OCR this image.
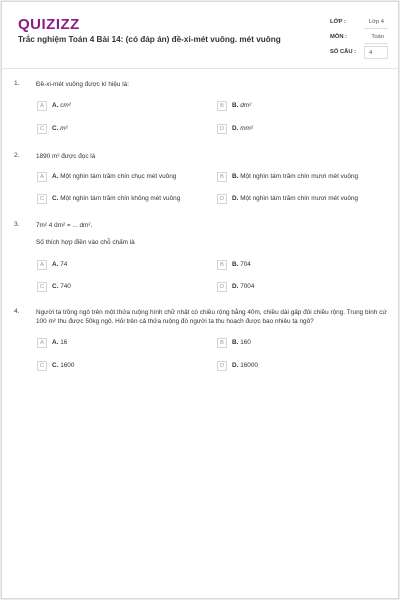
QUIZIZZ
Trắc nghiệm Toán 4 Bài 14: (có đáp án) đề-xi-mét vuông. mét vuông
LỚP :	Lớp 4
MÔN :	Toán
SỐ CÂU :	4
1.	Đề-xi-mét vuông được kí hiệu là:
A	A. cm²	B	B. dm²
C	C. m²	D	D. mm²
2.	1890 m² được đọc là
A	A. Một nghìn tám trăm chín chục mét vuông	B	B. Một nghìn tám trăm chín mươi mét vuông
C	C. Một nghìn tám trăm chín không mét vuông	D	D. Một nghìn tám trăm chín mươi mét vuông
3.	7m² 4 dm² = ... dm².
Số thích hợp điền vào chỗ chấm là
A	A. 74	B	B. 704
C	C. 740	D	D. 7004
4.	Người ta trồng ngô trên một thửa ruộng hình chữ nhật có chiều rộng bằng 40m, chiều dài gấp đôi chiều rộng. Trung bình cứ 100 m² thu được 50kg ngô. Hỏi trên cả thửa ruộng đó người ta thu hoạch được bao nhiêu tạ ngô?
A	A. 16	B	B. 160
C	C. 1600	D	D. 16000
